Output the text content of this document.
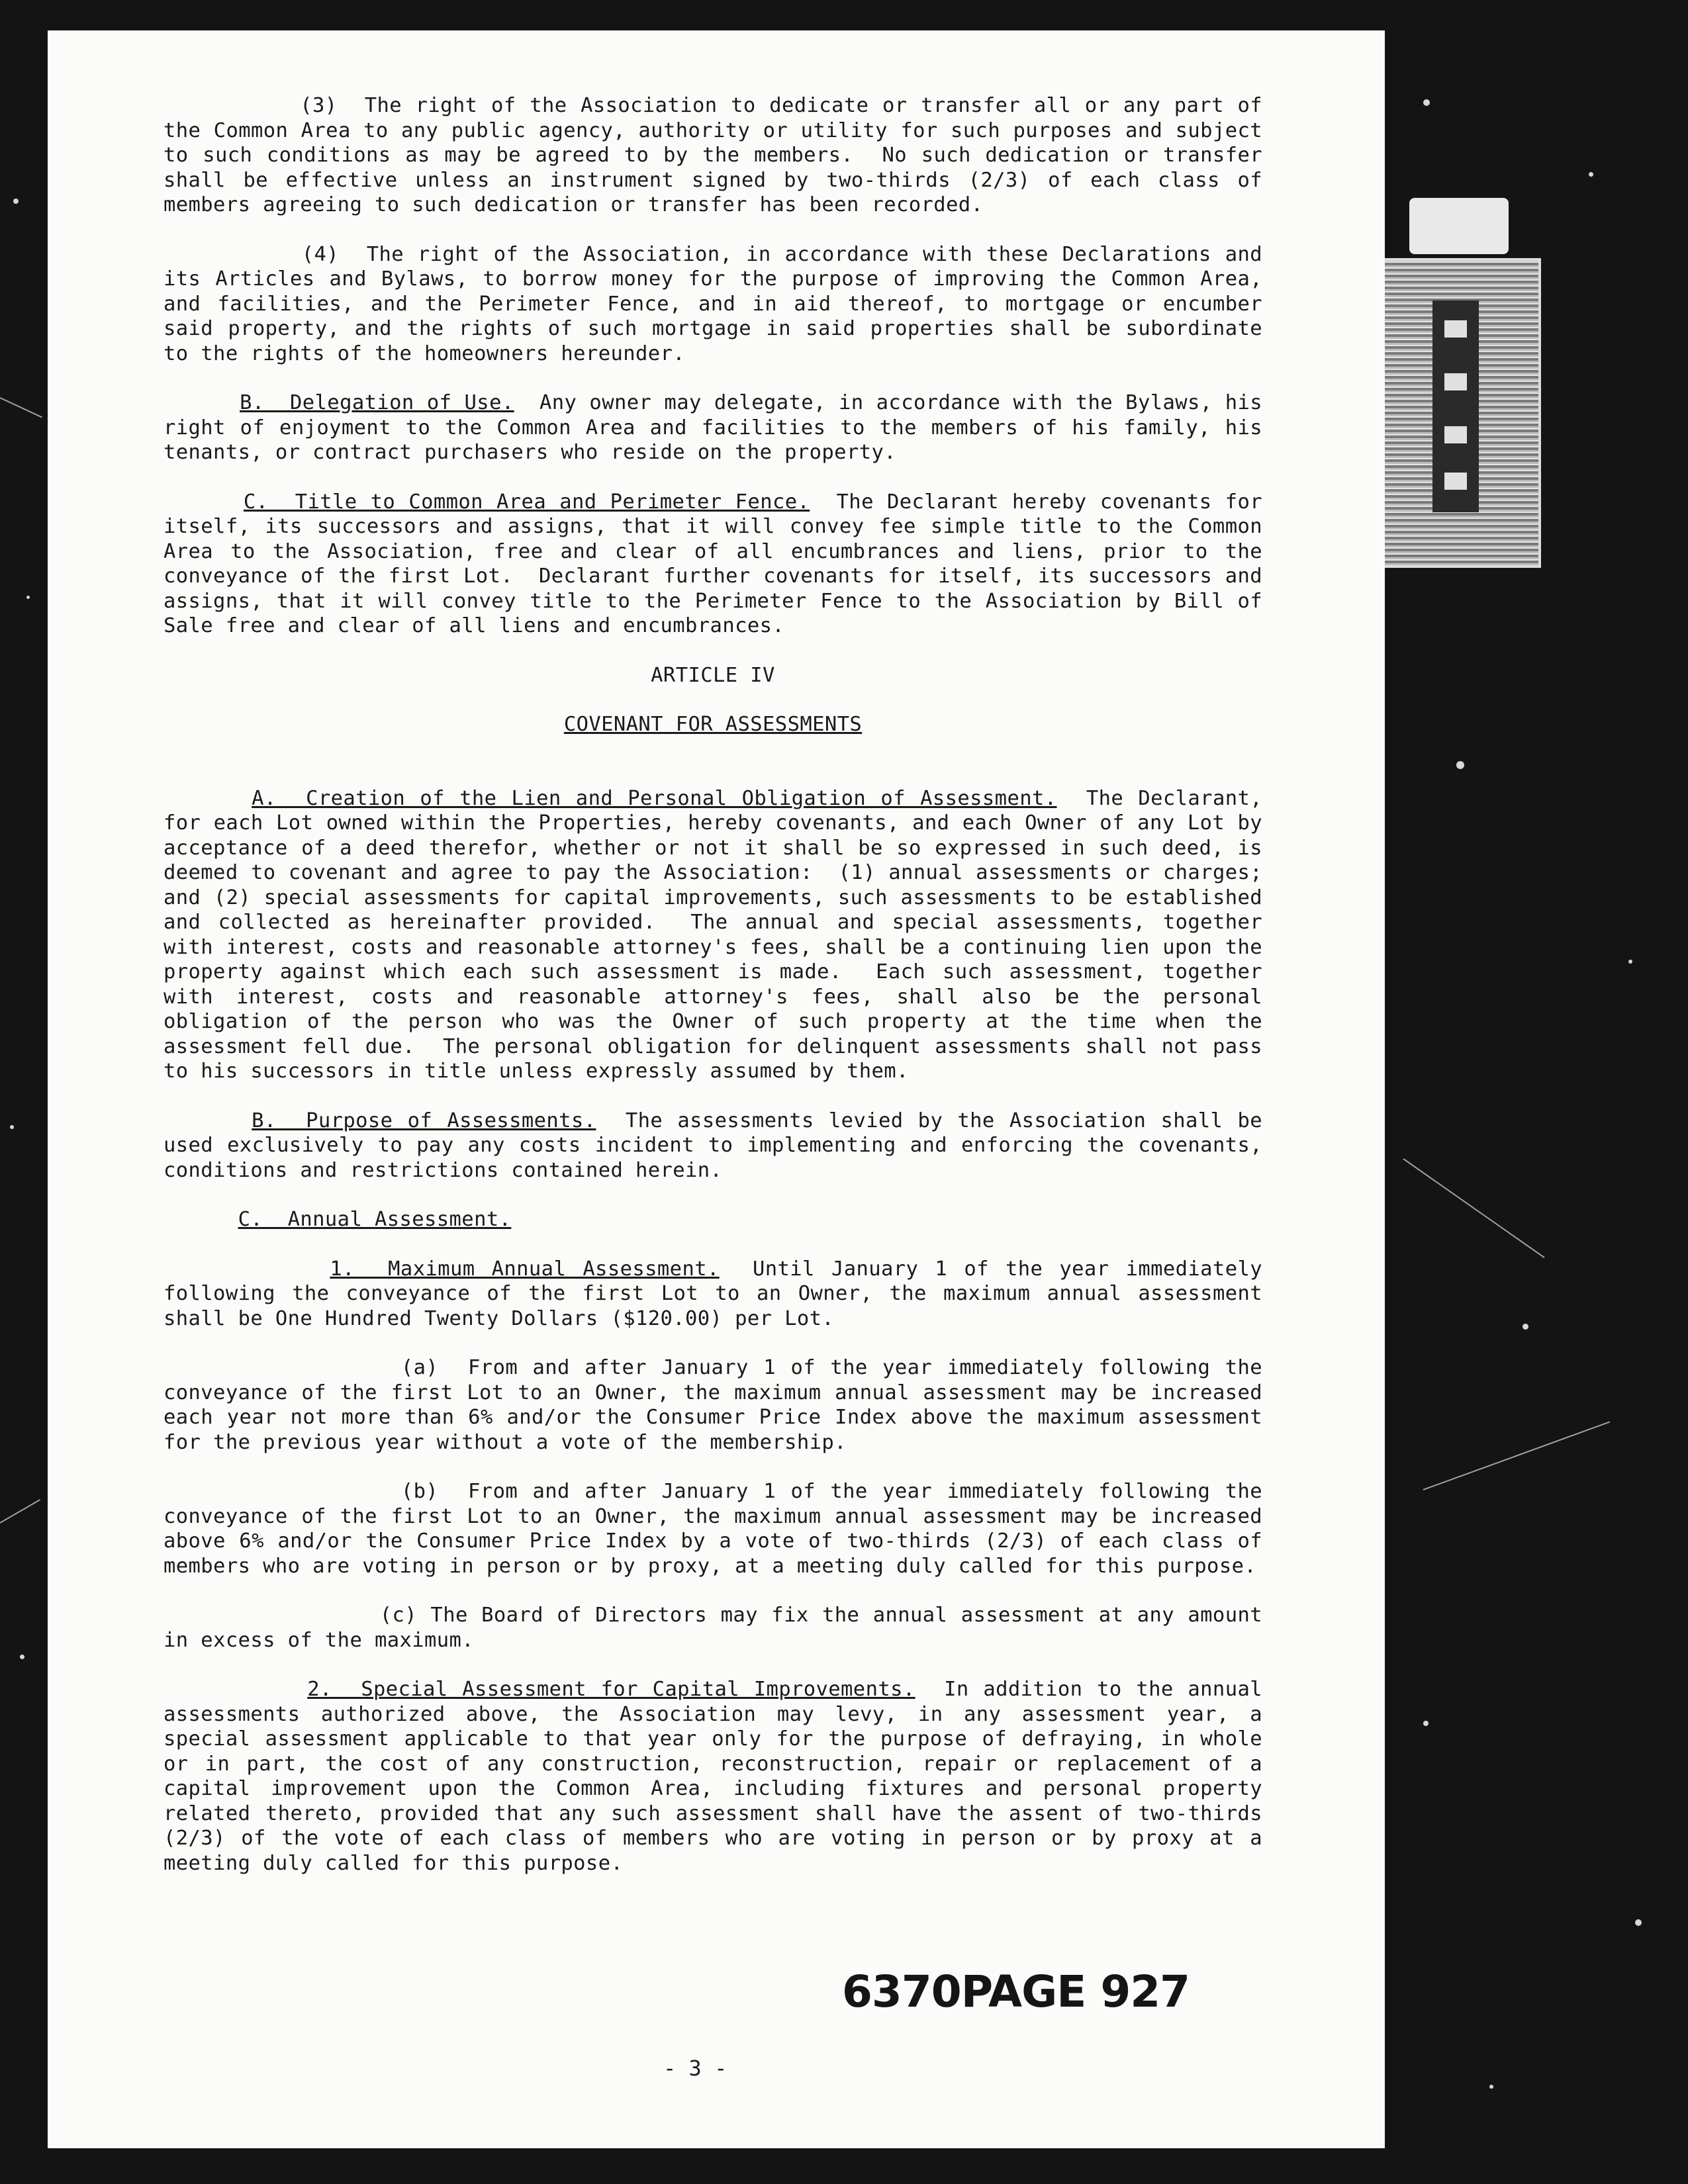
(3)  The right of the Association to dedicate or transfer all or any part of the Common Area to any public agency, authority or utility for such purposes and subject to such conditions as may be agreed to by the members.  No such dedication or transfer shall be effective unless an instrument signed by two-thirds (2/3) of each class of members agreeing to such dedication or transfer has been recorded.

(4)  The right of the Association, in accordance with these Declarations and its Articles and Bylaws, to borrow money for the purpose of improving the Common Area, and facilities, and the Perimeter Fence, and in aid thereof, to mortgage or encumber said property, and the rights of such mortgage in said properties shall be subordinate to the rights of the homeowners hereunder.

B.  Delegation of Use.  Any owner may delegate, in accordance with the Bylaws, his right of enjoyment to the Common Area and facilities to the members of his family, his tenants, or contract purchasers who reside on the property.

C.  Title to Common Area and Perimeter Fence.  The Declarant hereby covenants for itself, its successors and assigns, that it will convey fee simple title to the Common Area to the Association, free and clear of all encumbrances and liens, prior to the conveyance of the first Lot.  Declarant further covenants for itself, its successors and assigns, that it will convey title to the Perimeter Fence to the Association by Bill of Sale free and clear of all liens and encumbrances.

ARTICLE IV

COVENANT FOR ASSESSMENTS

A.  Creation of the Lien and Personal Obligation of Assessment.  The Declarant, for each Lot owned within the Properties, hereby covenants, and each Owner of any Lot by acceptance of a deed therefor, whether or not it shall be so expressed in such deed, is deemed to covenant and agree to pay the Association:  (1) annual assessments or charges; and (2) special assessments for capital improvements, such assessments to be established and collected as hereinafter provided.  The annual and special assessments, together with interest, costs and reasonable attorney's fees, shall be a continuing lien upon the property against which each such assessment is made.  Each such assessment, together with interest, costs and reasonable attorney's fees, shall also be the personal obligation of the person who was the Owner of such property at the time when the assessment fell due.  The personal obligation for delinquent assessments shall not pass to his successors in title unless expressly assumed by them.

B.  Purpose of Assessments.  The assessments levied by the Association shall be used exclusively to pay any costs incident to implementing and enforcing the covenants, conditions and restrictions contained herein.

C.  Annual Assessment.

1.  Maximum Annual Assessment.  Until January 1 of the year immediately following the conveyance of the first Lot to an Owner, the maximum annual assessment shall be One Hundred Twenty Dollars ($120.00) per Lot.

(a)  From and after January 1 of the year immediately following the conveyance of the first Lot to an Owner, the maximum annual assessment may be increased each year not more than 6% and/or the Consumer Price Index above the maximum assessment for the previous year without a vote of the membership.

(b)  From and after January 1 of the year immediately following the conveyance of the first Lot to an Owner, the maximum annual assessment may be increased above 6% and/or the Consumer Price Index by a vote of two-thirds (2/3) of each class of members who are voting in person or by proxy, at a meeting duly called for this purpose.

(c) The Board of Directors may fix the annual assessment at any amount in excess of the maximum.

2.  Special Assessment for Capital Improvements.  In addition to the annual assessments authorized above, the Association may levy, in any assessment year, a special assessment applicable to that year only for the purpose of defraying, in whole or in part, the cost of any construction, reconstruction, repair or replacement of a capital improvement upon the Common Area, including fixtures and personal property related thereto, provided that any such assessment shall have the assent of two-thirds (2/3) of the vote of each class of members who are voting in person or by proxy at a meeting duly called for this purpose.

6370PAGE 927
- 3 -
